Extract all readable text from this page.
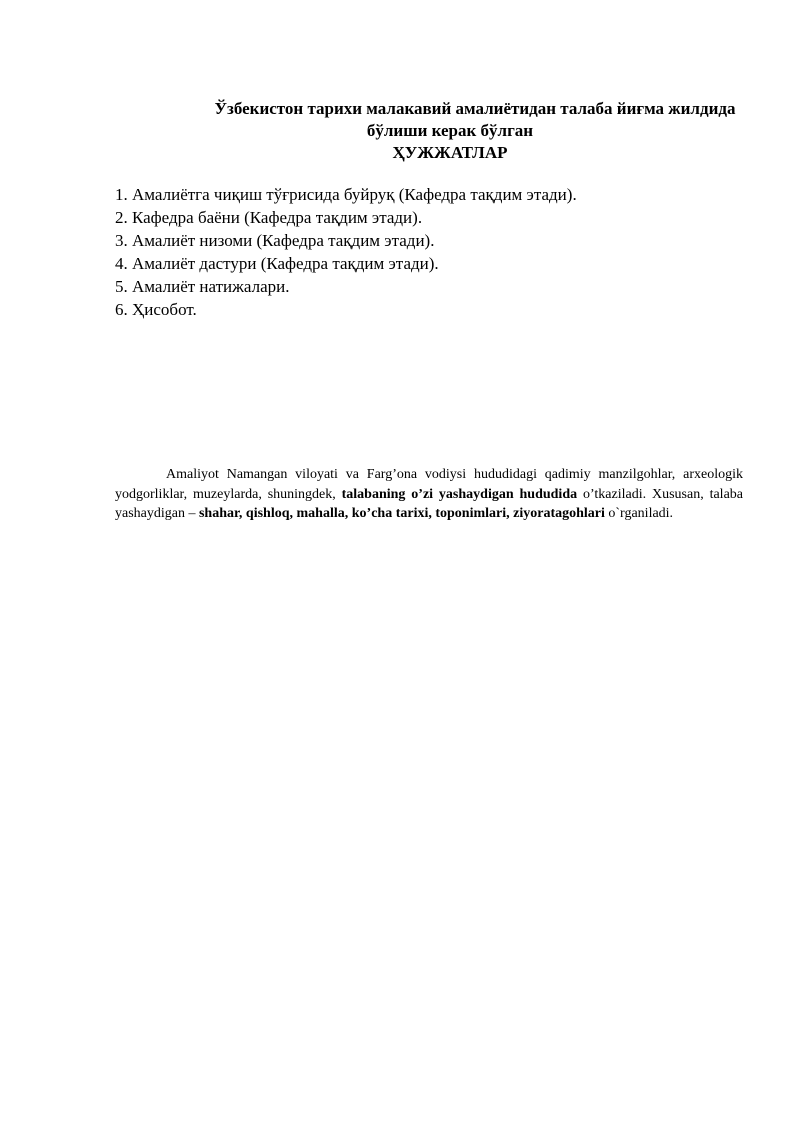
Ўзбекистон тарихи малакавий амалиётидан талаба йиғма жилдида
бўлиши керак бўлган
ҲУЖЖАТЛАР
1. Амалиётга чиқиш тўғрисида буйруқ (Кафедра тақдим этади).
2. Кафедра баёни (Кафедра тақдим этади).
3. Амалиёт низоми (Кафедра тақдим этади).
4. Амалиёт дастури (Кафедра тақдим этади).
5. Амалиёт натижалари.
6. Ҳисобот.

Amaliyot Namangan viloyati va Farg’ona vodiysi hududidagi qadimiy manzilgohlar, arxeologik yodgorliklar, muzeylarda, shuningdek, talabaning o’zi yashaydigan hududida o’tkaziladi. Xususan, talaba yashaydigan – shahar, qishloq, mahalla, ko’cha tarixi, toponimlari, ziyoratagohlari o`rganiladi.
